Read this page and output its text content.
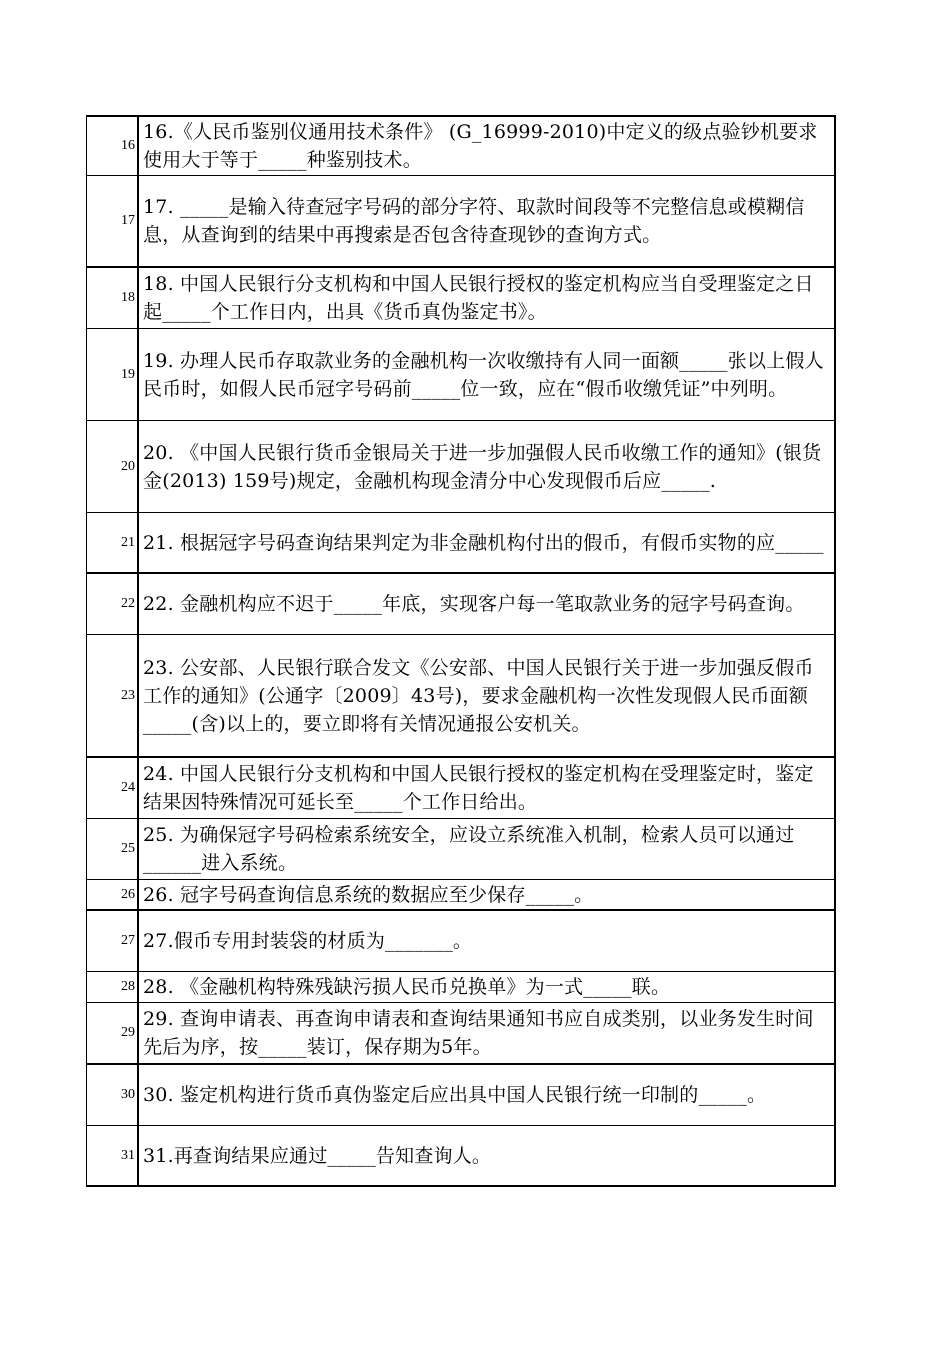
16
16.《人民币鉴别仪通用技术条件》 (G_16999-2010)中定义的级点验钞机要求使用大于等于_____种鉴别技术。
17
17. _____是输入待查冠字号码的部分字符、取款时间段等不完整信息或模糊信息，从查询到的结果中再搜索是否包含待查现钞的查询方式。
18
18. 中国人民银行分支机构和中国人民银行授权的鉴定机构应当自受理鉴定之日起_____个工作日内，出具《货币真伪鉴定书》。
19
19. 办理人民币存取款业务的金融机构一次收缴持有人同一面额_____张以上假人民币时，如假人民币冠字号码前_____位一致，应在“假币收缴凭证”中列明。
20
20. 《中国人民银行货币金银局关于进一步加强假人民币收缴工作的通知》(银货金(2013) 159号)规定，金融机构现金清分中心发现假币后应_____.
21 21. 根据冠字号码查询结果判定为非金融机构付出的假币，有假币实物的应_____
22 22. 金融机构应不迟于_____年底，实现客户每一笔取款业务的冠字号码查询。
23
23. 公安部、人民银行联合发文《公安部、中国人民银行关于进一步加强反假币工作的通知》(公通字〔2009〕43号)，要求金融机构一次性发现假人民币面额_____(含)以上的，要立即将有关情况通报公安机关。
24
24. 中国人民银行分支机构和中国人民银行授权的鉴定机构在受理鉴定时，鉴定结果因特殊情况可延长至_____个工作日给出。
25
25. 为确保冠字号码检索系统安全，应设立系统准入机制，检索人员可以通过______进入系统。
26 26. 冠字号码查询信息系统的数据应至少保存_____。
27 27.假币专用封装袋的材质为_______。
28 28. 《金融机构特殊残缺污损人民币兑换单》为一式_____联。
29
29. 查询申请表、再查询申请表和查询结果通知书应自成类别，以业务发生时间先后为序，按_____装订，保存期为5年。
30 30. 鉴定机构进行货币真伪鉴定后应出具中国人民银行统一印制的_____。
31 31.再查询结果应通过_____告知查询人。
